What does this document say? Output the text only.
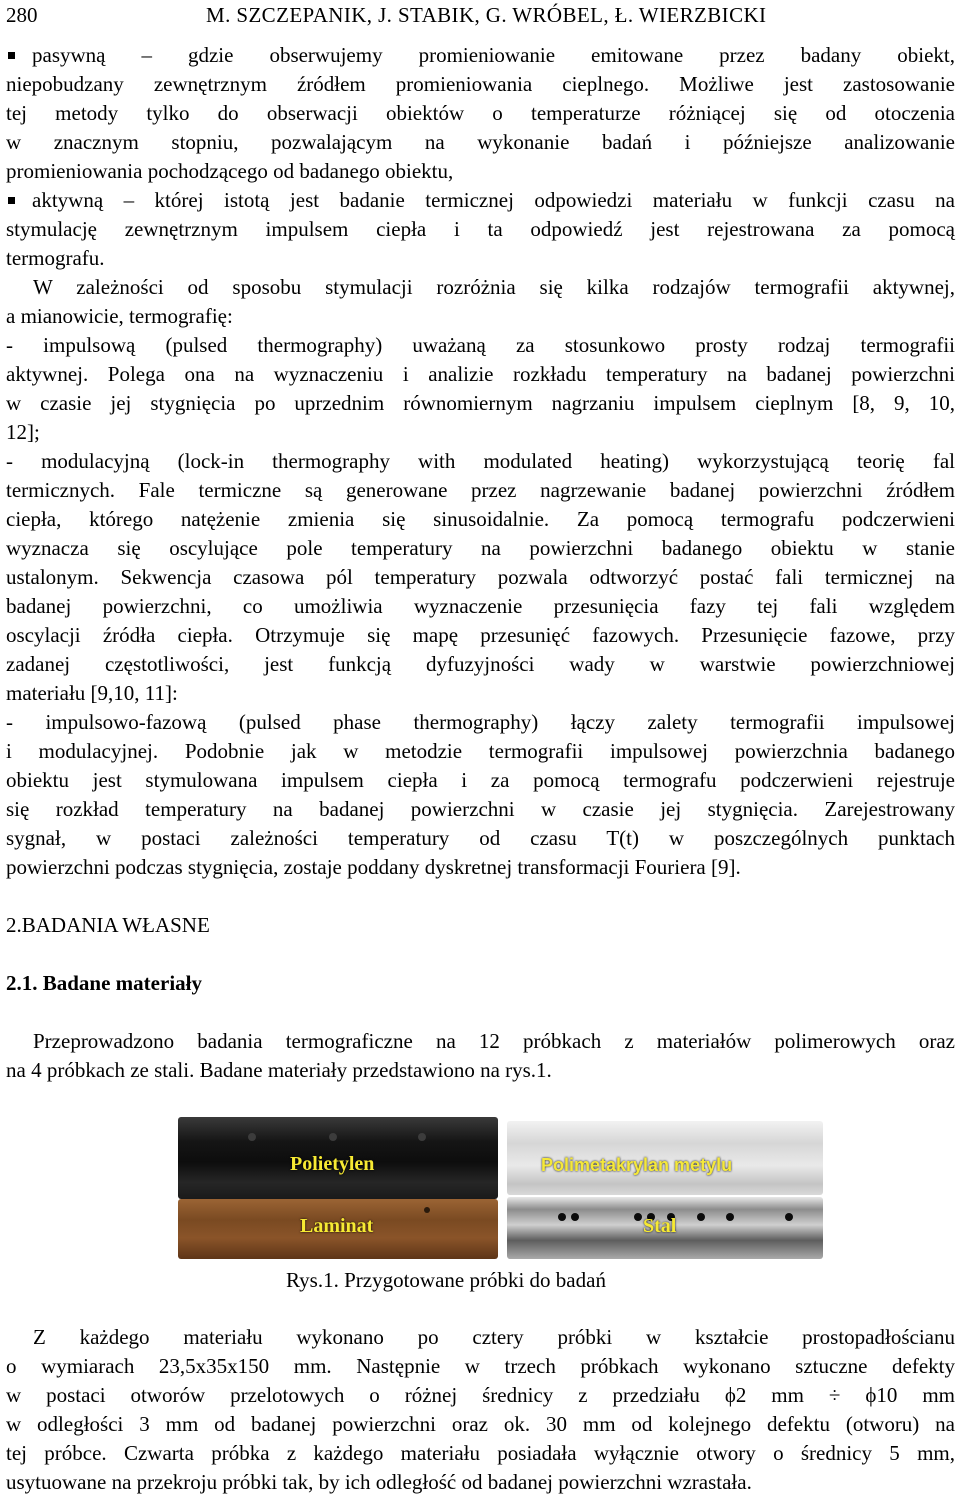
280	M. SZCZEPANIK, J. STABIK, G. WRÓBEL, Ł. WIERZBICKI
pasywną – gdzie obserwujemy promieniowanie emitowane przez badany obiekt,
niepobudzany zewnętrznym źródłem promieniowania cieplnego. Możliwe jest zastosowanie
tej metody tylko do obserwacji obiektów o temperaturze różniącej się od otoczenia
w znacznym stopniu, pozwalającym na wykonanie badań i późniejsze analizowanie
promieniowania pochodzącego od badanego obiektu,
aktywną – której istotą jest badanie termicznej odpowiedzi materiału w funkcji czasu na
stymulację zewnętrznym impulsem ciepła i ta odpowiedź jest rejestrowana za pomocą
termografu.
W zależności od sposobu stymulacji rozróżnia się kilka rodzajów termografii aktywnej,
a mianowicie, termografię:
- impulsową (pulsed thermography) uważaną za stosunkowo prosty rodzaj termografii
aktywnej. Polega ona na wyznaczeniu i analizie rozkładu temperatury na badanej powierzchni
w czasie jej stygnięcia po uprzednim równomiernym nagrzaniu impulsem cieplnym [8, 9, 10,
12];
- modulacyjną (lock-in thermography with modulated heating) wykorzystującą teorię fal
termicznych. Fale termiczne są generowane przez nagrzewanie badanej powierzchni źródłem
ciepła, którego natężenie zmienia się sinusoidalnie. Za pomocą termografu podczerwieni
wyznacza się oscylujące pole temperatury na powierzchni badanego obiektu w stanie
ustalonym. Sekwencja czasowa pól temperatury pozwala odtworzyć postać fali termicznej na
badanej powierzchni, co umożliwia wyznaczenie przesunięcia fazy tej fali względem
oscylacji źródła ciepła. Otrzymuje się mapę przesunięć fazowych. Przesunięcie fazowe, przy
zadanej częstotliwości, jest funkcją dyfuzyjności wady w warstwie powierzchniowej
materiału [9,10, 11]:
- impulsowo-fazową (pulsed phase thermography) łączy zalety termografii impulsowej
i modulacyjnej. Podobnie jak w metodzie termografii impulsowej powierzchnia badanego
obiektu jest stymulowana impulsem ciepła i za pomocą termografu podczerwieni rejestruje
się rozkład temperatury na badanej powierzchni w czasie jej stygnięcia. Zarejestrowany
sygnał, w postaci zależności temperatury od czasu T(t) w poszczególnych punktach
powierzchni podczas stygnięcia, zostaje poddany dyskretnej transformacji Fouriera [9].
2.BADANIA WŁASNE
2.1. Badane materiały
Przeprowadzono badania termograficzne na 12 próbkach z materiałów polimerowych oraz
na 4 próbkach ze stali. Badane materiały przedstawiono na rys.1.
Polietylen	Polimetakrylan metylu
Laminat	Stal
Rys.1. Przygotowane próbki do badań
Z każdego materiału wykonano po cztery próbki w kształcie prostopadłościanu
o wymiarach 23,5x35x150 mm. Następnie w trzech próbkach wykonano sztuczne defekty
w postaci otworów przelotowych o różnej średnicy z przedziału ϕ2 mm ÷ ϕ10 mm
w odległości 3 mm od badanej powierzchni oraz ok. 30 mm od kolejnego defektu (otworu) na
tej próbce. Czwarta próbka z każdego materiału posiadała wyłącznie otwory o średnicy 5 mm,
usytuowane na przekroju próbki tak, by ich odległość od badanej powierzchni wzrastała.
